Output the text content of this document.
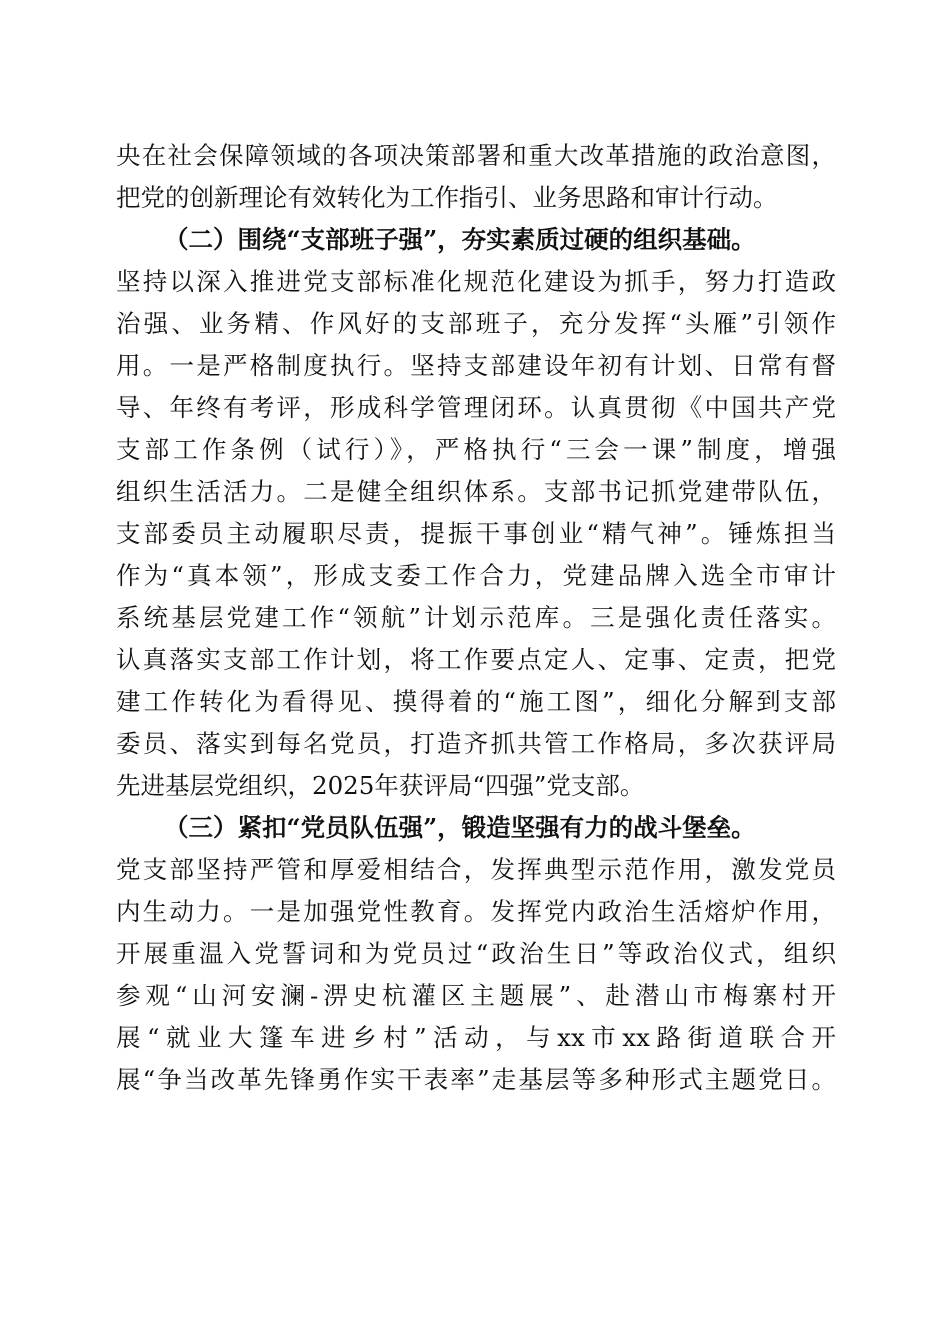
央在社会保障领域的各项决策部署和重大改革措施的政治意图，
把党的创新理论有效转化为工作指引、业务思路和审计行动。
（二）围绕“支部班子强”，夯实素质过硬的组织基础。
坚持以深入推进党支部标准化规范化建设为抓手，努力打造政
治强、业务精、作风好的支部班子，充分发挥“头雁”引领作
用。一是严格制度执行。坚持支部建设年初有计划、日常有督
导、年终有考评，形成科学管理闭环。认真贯彻《中国共产党
支部工作条例（试行）》，严格执行“三会一课”制度，增强
组织生活活力。二是健全组织体系。支部书记抓党建带队伍，
支部委员主动履职尽责，提振干事创业“精气神”。锤炼担当
作为“真本领”，形成支委工作合力，党建品牌入选全市审计
系统基层党建工作“领航”计划示范库。三是强化责任落实。
认真落实支部工作计划，将工作要点定人、定事、定责，把党
建工作转化为看得见、摸得着的“施工图”，细化分解到支部
委员、落实到每名党员，打造齐抓共管工作格局，多次获评局
先进基层党组织，2025年获评局“四强”党支部。
（三）紧扣“党员队伍强”，锻造坚强有力的战斗堡垒。
党支部坚持严管和厚爱相结合，发挥典型示范作用，激发党员
内生动力。一是加强党性教育。发挥党内政治生活熔炉作用，
开展重温入党誓词和为党员过“政治生日”等政治仪式，组织
参观“山河安澜-淠史杭灌区主题展”、赴潜山市梅寨村开
展“就业大篷车进乡村”活动，与xx市xx路街道联合开
展“争当改革先锋勇作实干表率”走基层等多种形式主题党日。
